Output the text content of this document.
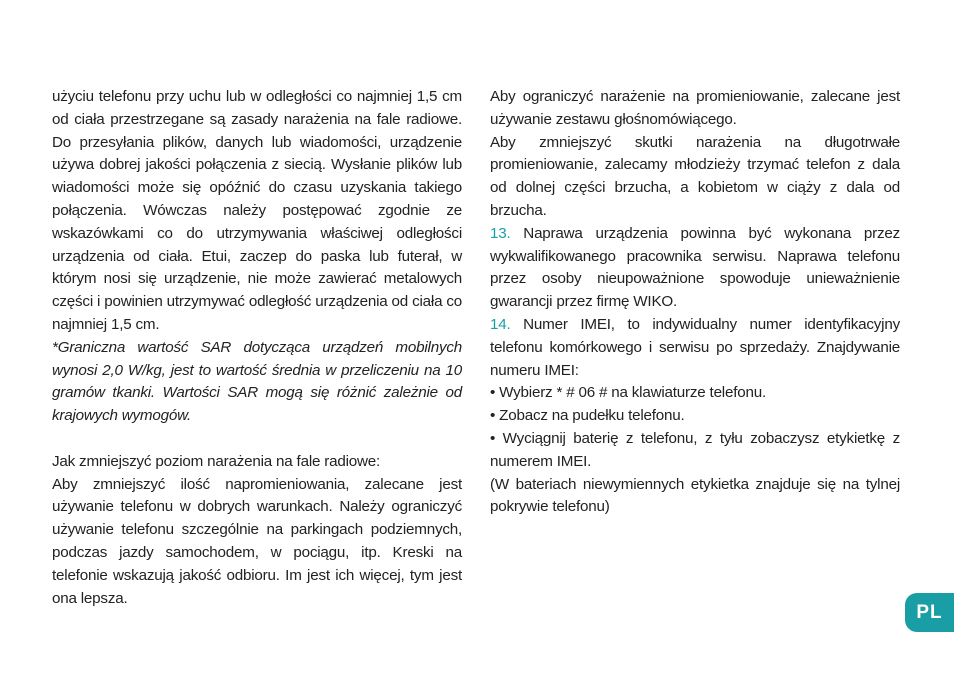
użyciu telefonu przy uchu lub w odległości co najmniej 1,5 cm od ciała przestrzegane są zasady narażenia na fale radiowe. Do przesyłania plików, danych lub wiadomości, urządzenie używa dobrej jakości połączenia z siecią. Wysłanie plików lub wiadomości może się opóźnić do czasu uzyskania takiego połączenia. Wówczas należy postępować zgodnie ze wskazówkami co do utrzymywania właściwej odległości urządzenia od ciała. Etui, zaczep do paska lub futerał, w którym nosi się urządzenie, nie może zawierać metalowych części i powinien utrzymywać odległość urządzenia od ciała co najmniej 1,5 cm.

*Graniczna wartość SAR dotycząca urządzeń mobilnych wynosi 2,0 W/kg, jest to wartość średnia w przeliczeniu na 10 gramów tkanki. Wartości SAR mogą się różnić zależnie od krajowych wymogów.

Jak zmniejszyć poziom narażenia na fale radiowe:

Aby zmniejszyć ilość napromieniowania, zalecane jest używanie telefonu w dobrych warunkach. Należy ograniczyć używanie telefonu szczególnie na parkingach podziemnych, podczas jazdy samochodem, w pociągu, itp. Kreski na telefonie wskazują jakość odbioru. Im jest ich więcej, tym jest ona lepsza.

Aby ograniczyć narażenie na promieniowanie, zalecane jest używanie zestawu głośnomówiącego.

Aby zmniejszyć skutki narażenia na długotrwałe promieniowanie, zalecamy młodzieży trzymać telefon z dala od dolnej części brzucha, a kobietom w ciąży z dala od brzucha.

13. Naprawa urządzenia powinna być wykonana przez wykwalifikowanego pracownika serwisu. Naprawa telefonu przez osoby nieupoważnione spowoduje unieważnienie gwarancji przez firmę WIKO.

14. Numer IMEI, to indywidualny numer identyfikacyjny telefonu komórkowego i serwisu po sprzedaży. Znajdywanie numeru IMEI:

• Wybierz * # 06 # na klawiaturze telefonu.

• Zobacz na pudełku telefonu.

• Wyciągnij baterię z telefonu, z tyłu zobaczysz etykietkę z numerem IMEI.

(W bateriach niewymiennych etykietka znajduje się na tylnej pokrywie telefonu)

PL
